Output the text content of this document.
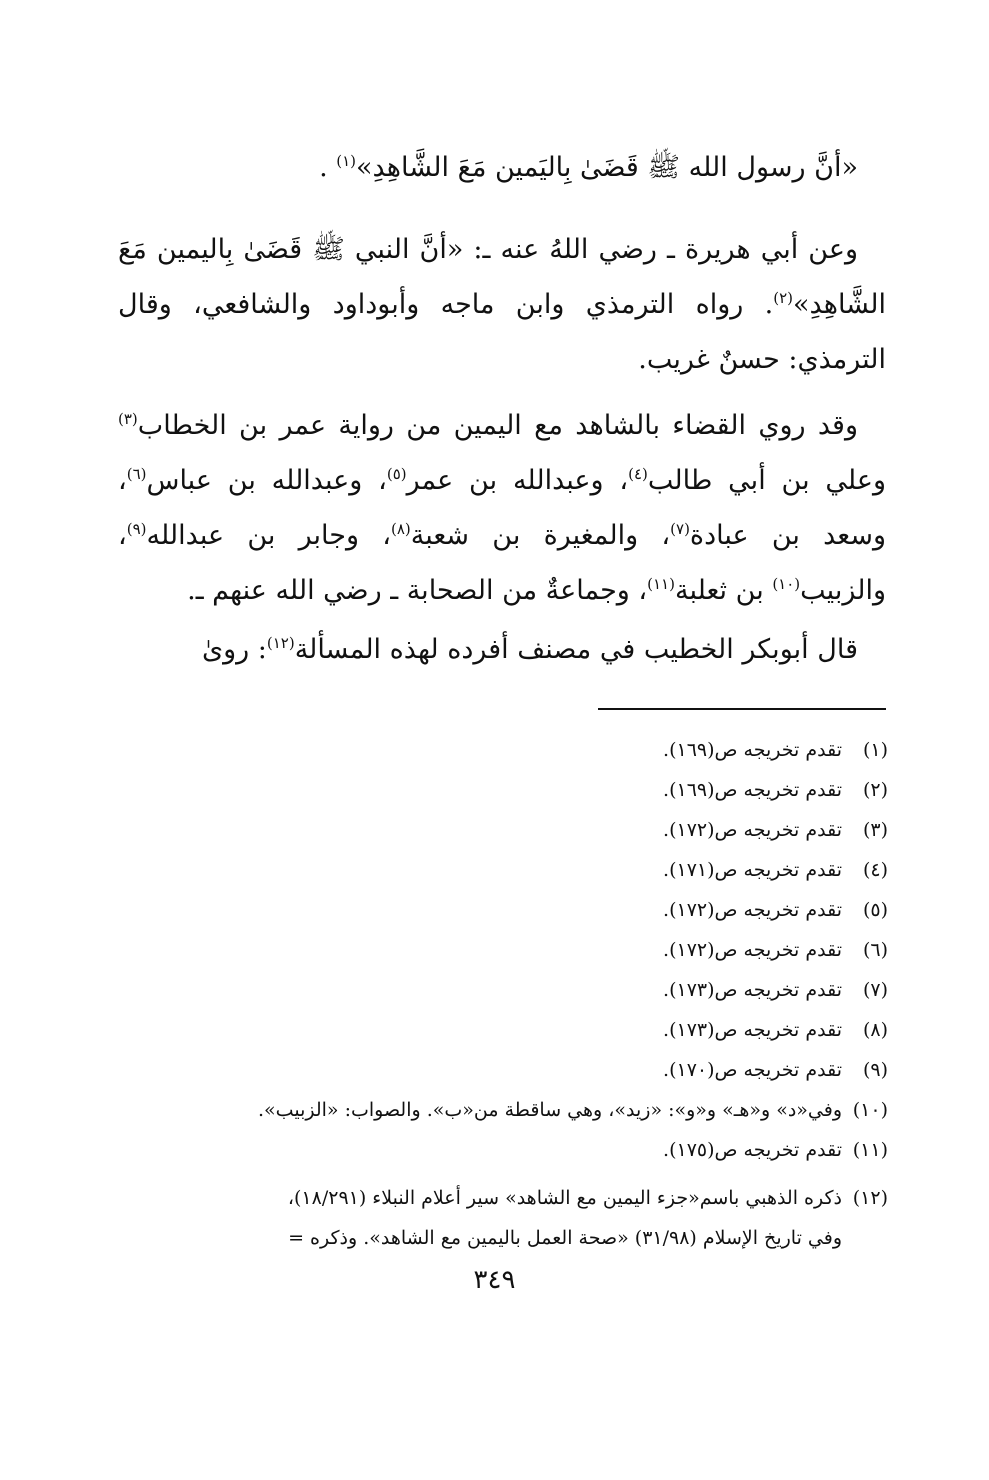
«أنَّ رسول الله ﷺ قَضَىٰ بِاليَمين مَعَ الشَّاهِدِ»$^{(١)}$ .

وعن أبي هريرة ـ رضي اللهُ عنه ـ: «أنَّ النبي ﷺ قَضَىٰ بِاليمين مَعَ الشَّاهِدِ»$^{(٢)}$. رواه الترمذي وابن ماجه وأبوداود والشافعي، وقال الترمذي: حسنٌ غريب.

وقد روي القضاء بالشاهد مع اليمين من رواية عمر بن الخطاب$^{(٣)}$ وعلي بن أبي طالب$^{(٤)}$، وعبدالله بن عمر$^{(٥)}$، وعبدالله بن عباس$^{(٦)}$، وسعد بن عبادة$^{(٧)}$، والمغيرة بن شعبة$^{(٨)}$، وجابر بن عبدالله$^{(٩)}$، والزبيب$^{(١٠)}$ بن ثعلبة$^{(١١)}$، وجماعةٌ من الصحابة ـ رضي الله عنهم ـ.

قال أبوبكر الخطيب في مصنف أفرده لهذه المسألة$^{(١٢)}$: روىٰ

(١)تقدم تخريجه ص(١٦٩).
(٢)تقدم تخريجه ص(١٦٩).
(٣)تقدم تخريجه ص(١٧٢).
(٤)تقدم تخريجه ص(١٧١).
(٥)تقدم تخريجه ص(١٧٢).
(٦)تقدم تخريجه ص(١٧٢).
(٧)تقدم تخريجه ص(١٧٣).
(٨)تقدم تخريجه ص(١٧٣).
(٩)تقدم تخريجه ص(١٧٠).
(١٠)وفي«د» و«هـ» و«و»: «زيد»، وهي ساقطة من«ب». والصواب: «الزبيب».
(١١)تقدم تخريجه ص(١٧٥).
(١٢)ذكره الذهبي باسم«جزء اليمين مع الشاهد» سير أعلام النبلاء (١٨/٢٩١)،
وفي تاريخ الإسلام (٣١/٩٨) «صحة العمل باليمين مع الشاهد». وذكره =
٣٤٩
